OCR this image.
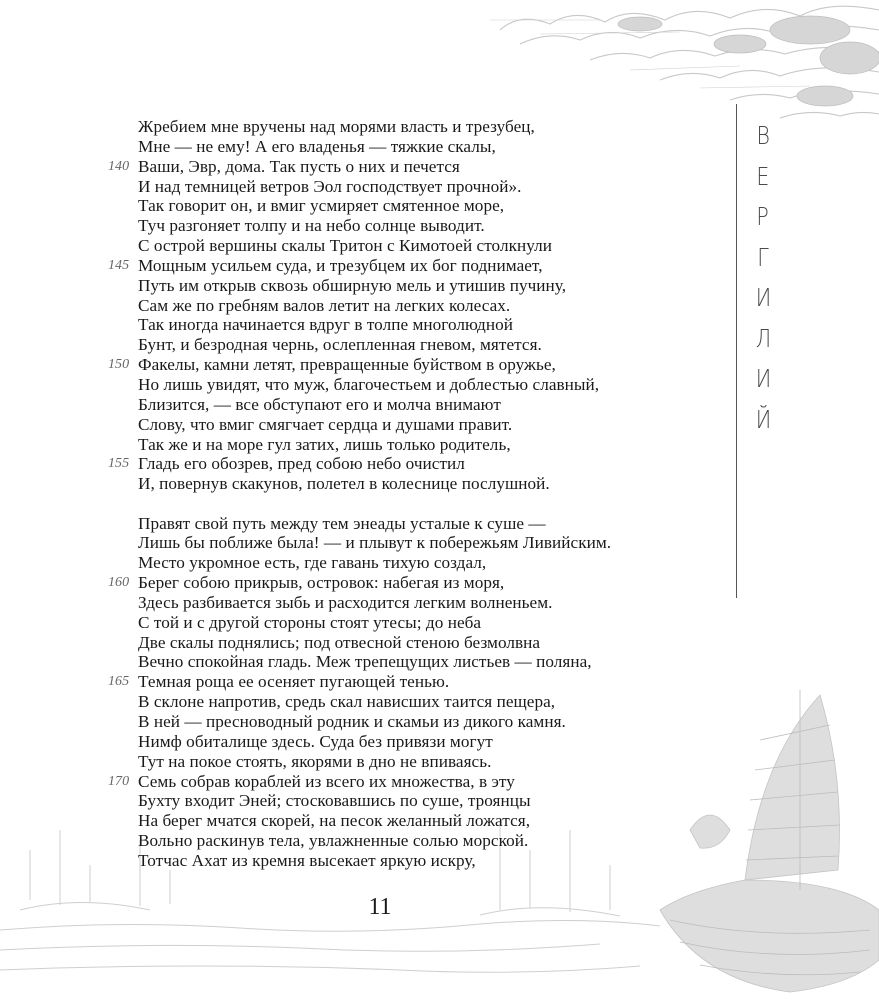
Жребием мне вручены над морями власть и трезубец,
Мне — не ему! А его владенья — тяжкие скалы,
140 Ваши, Эвр, дома. Так пусть о них и печется
И над темницей ветров Эол господствует прочной».
Так говорит он, и вмиг усмиряет смятенное море,
Туч разгоняет толпу и на небо солнце выводит.
С острой вершины скалы Тритон с Кимотоей столкнули
145 Мощным усильем суда, и трезубцем их бог поднимает,
Путь им открыв сквозь обширную мель и утишив пучину,
Сам же по гребням валов летит на легких колесах.
Так иногда начинается вдруг в толпе многолюдной
Бунт, и безродная чернь, ослепленная гневом, мятется.
150 Факелы, камни летят, превращенные буйством в оружье,
Но лишь увидят, что муж, благочестьем и доблестью славный,
Близится, — все обступают его и молча внимают
Слову, что вмиг смягчает сердца и душами правит.
Так же и на море гул затих, лишь только родитель,
155 Гладь его обозрев, пред собою небо очистил
И, повернув скакунов, полетел в колеснице послушной.
Правят свой путь между тем энеады усталые к суше —
Лишь бы поближе была! — и плывут к побережьям Ливийским.
Место укромное есть, где гавань тихую создал,
160 Берег собою прикрыв, островок: набегая из моря,
Здесь разбивается зыбь и расходится легким волненьем.
С той и с другой стороны стоят утесы; до неба
Две скалы поднялись; под отвесной стеною безмолвна
Вечно спокойная гладь. Меж трепещущих листьев — поляна,
165 Темная роща ее осеняет пугающей тенью.
В склоне напротив, средь скал нависших таится пещера,
В ней — пресноводный родник и скамьи из дикого камня.
Нимф обиталище здесь. Суда без привязи могут
Тут на покое стоять, якорями в дно не впиваясь.
170 Семь собрав кораблей из всего их множества, в эту
Бухту входит Эней; стосковавшись по суше, троянцы
На берег мчатся скорей, на песок желанный ложатся,
Вольно раскинув тела, увлажненные солью морской.
Тотчас Ахат из кремня высекает яркую искру,
В
Е
Р
Г
И
Л
И
Й
11
